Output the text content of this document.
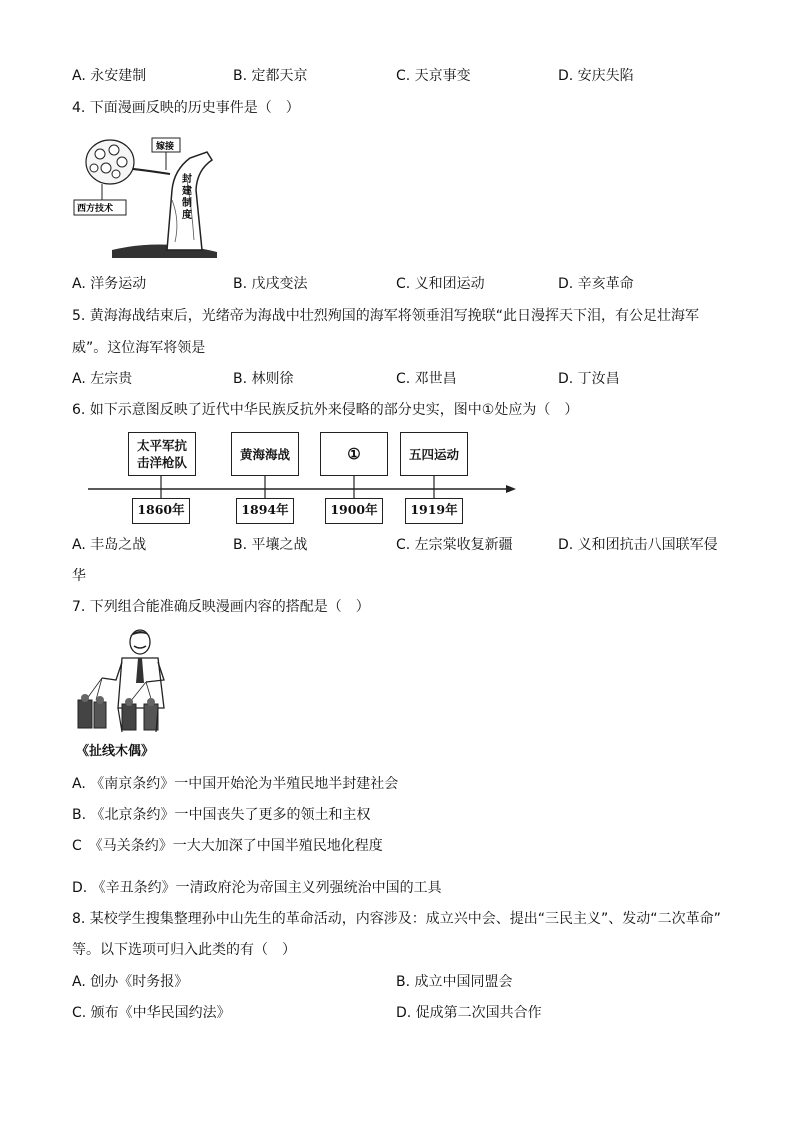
A. 永安建制	B. 定都天京	C. 天京事变	D. 安庆失陷
4. 下面漫画反映的历史事件是（　）
封
建
制
度
嫁接
西方技术
A. 洋务运动	B. 戊戌变法	C. 义和团运动	D. 辛亥革命
5. 黄海海战结束后，光绪帝为海战中壮烈殉国的海军将领垂泪写挽联“此日漫挥天下泪，有公足壮海军
威”。这位海军将领是
A. 左宗贵	B. 林则徐	C. 邓世昌	D. 丁汝昌
6. 如下示意图反映了近代中华民族反抗外来侵略的部分史实，图中①处应为（　）
太平军抗
击洋枪队
黄海海战	①	五四运动
1860年	1894年	1900年	1919年
A. 丰岛之战	B. 平壤之战	C. 左宗棠收复新疆	D. 义和团抗击八国联军侵
华
7. 下列组合能准确反映漫画内容的搭配是（　）
《扯线木偶》
A. 《南京条约》一中国开始沦为半殖民地半封建社会
B. 《北京条约》一中国丧失了更多的领土和主权
C　《马关条约》一大大加深了中国半殖民地化程度
D. 《辛丑条约》一清政府沦为帝国主义列强统治中国的工具
8. 某校学生搜集整理孙中山先生的革命活动，内容涉及：成立兴中会、提出“三民主义”、发动“二次革命”
等。以下选项可归入此类的有（　）
A. 创办《时务报》	B. 成立中国同盟会
C. 颁布《中华民国约法》	D. 促成第二次国共合作
